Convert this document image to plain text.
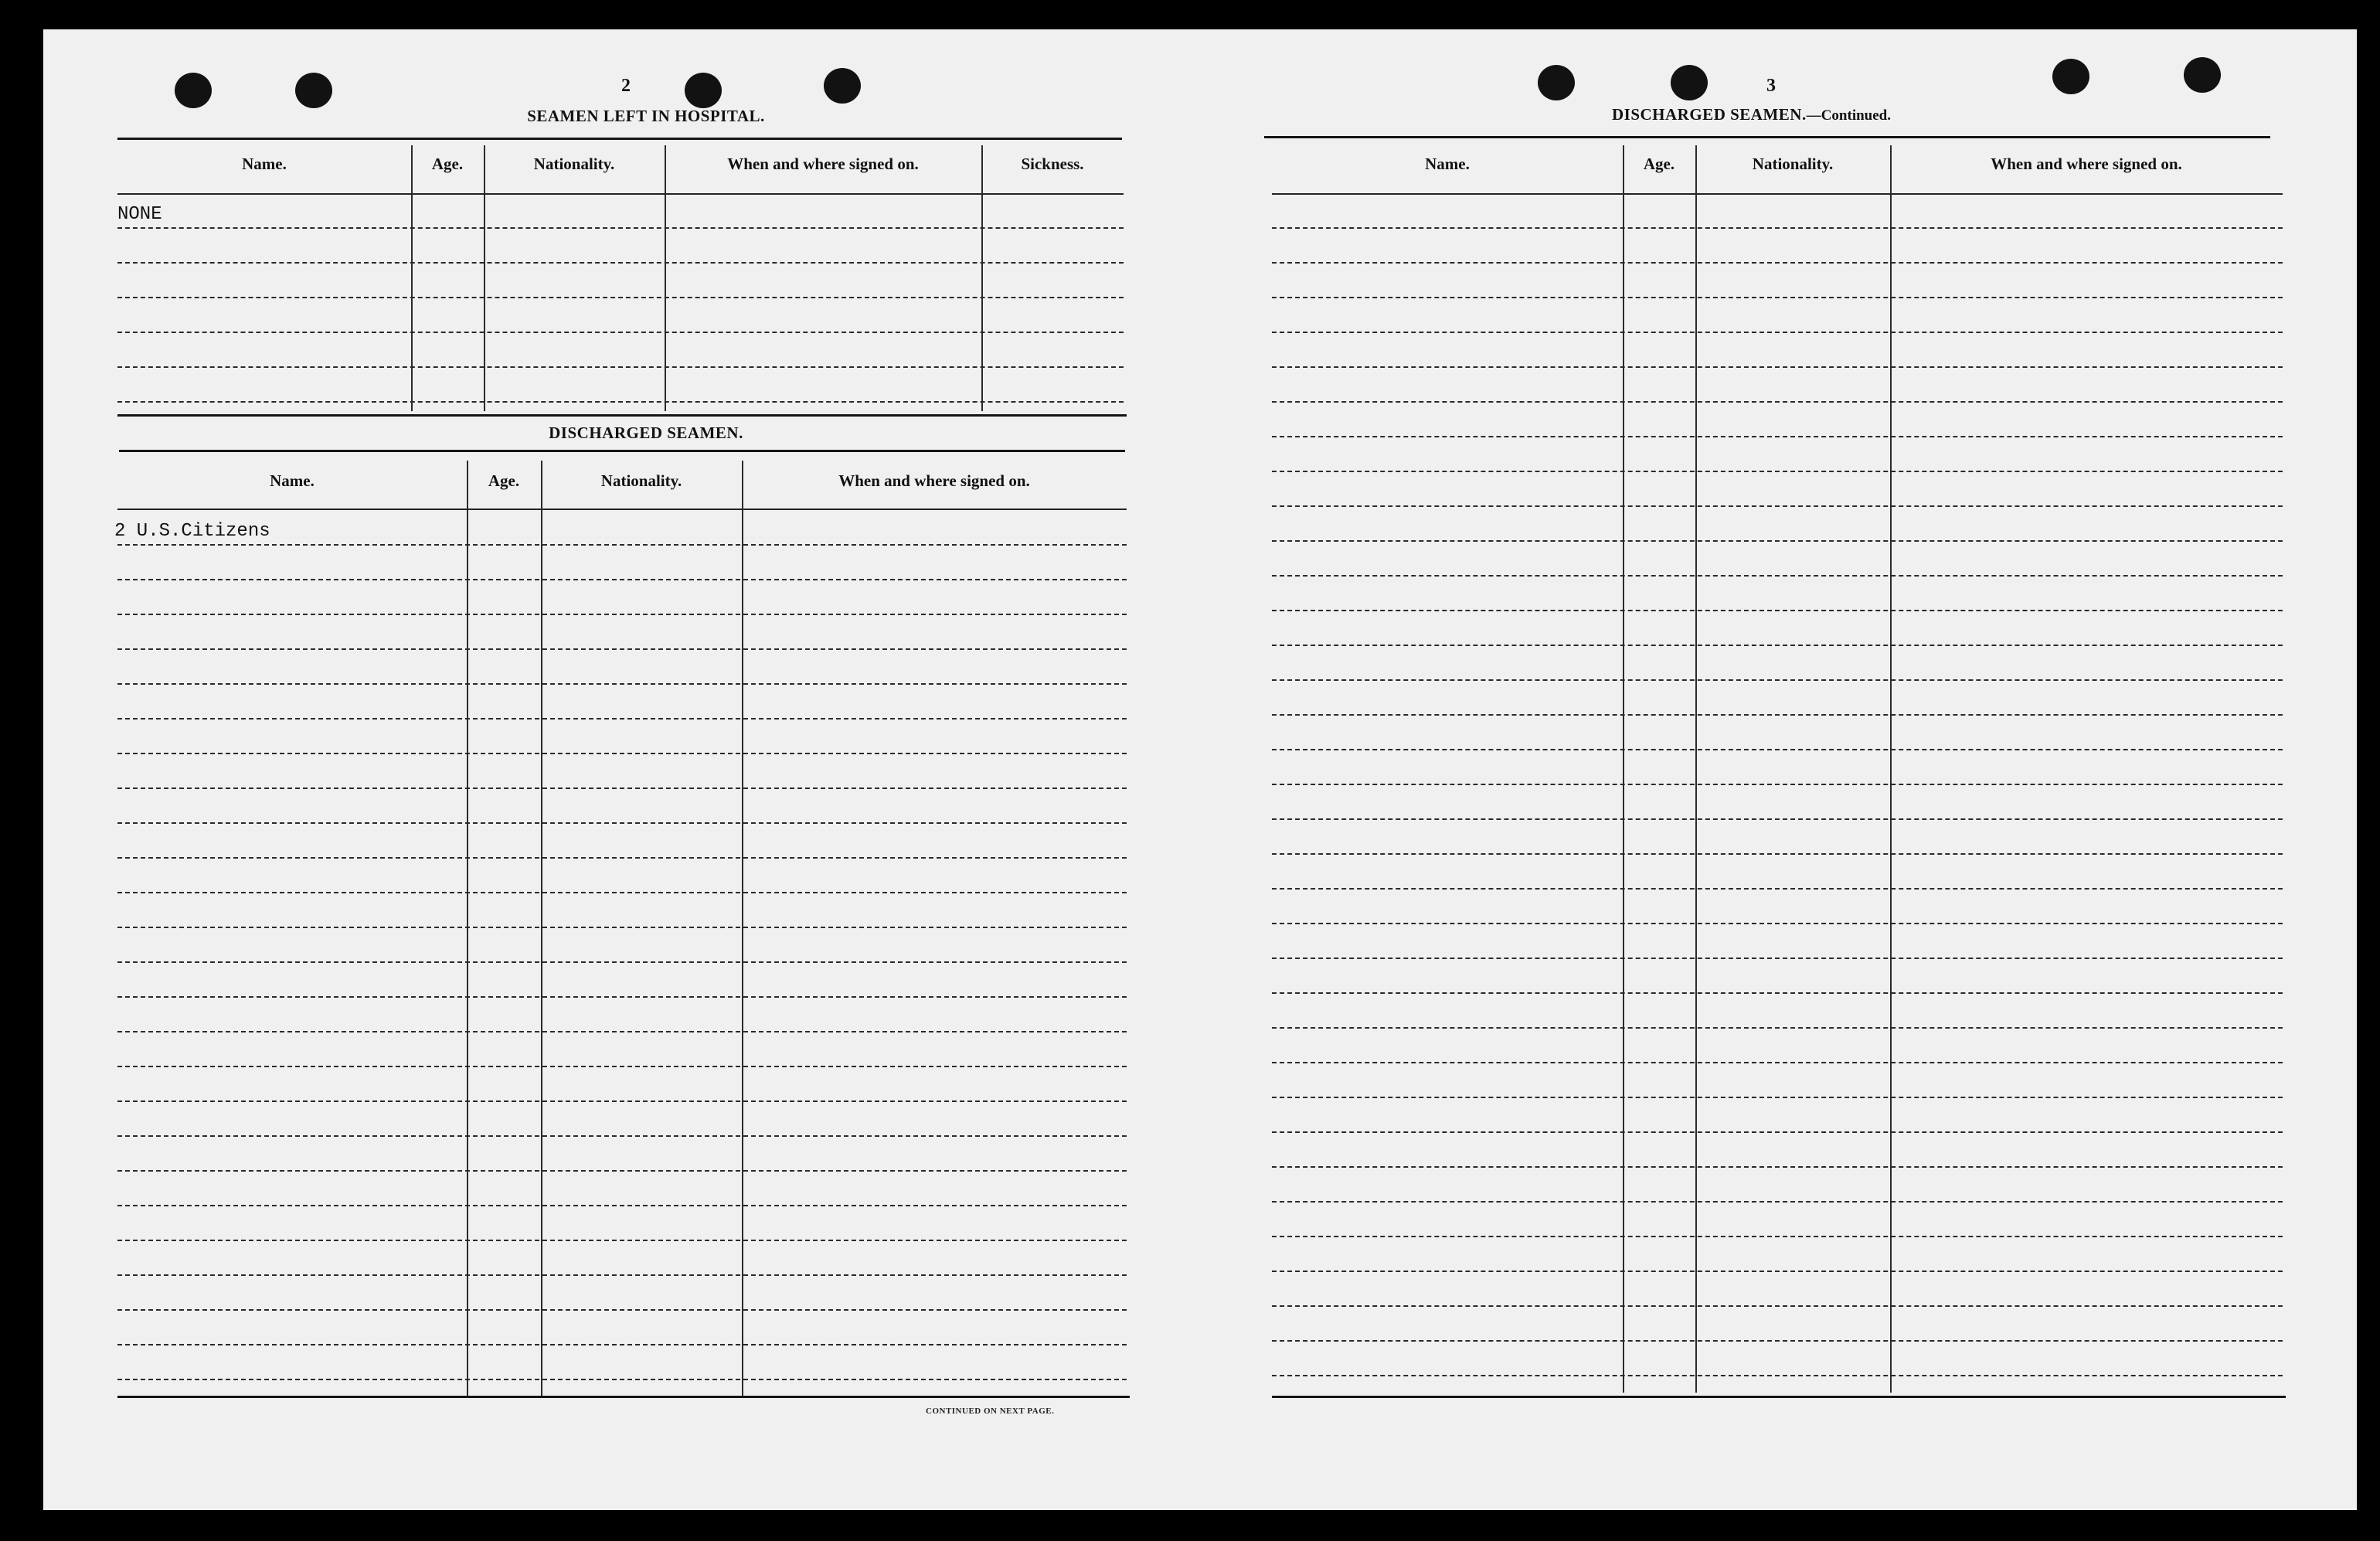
2
SEAMEN LEFT IN HOSPITAL.
Name.	Age.	Nationality.	When and where signed on.	Sickness.
NONE
DISCHARGED SEAMEN.
Name.	Age.	Nationality.	When and where signed on.
2 U.S.Citizens
CONTINUED ON NEXT PAGE.
3
DISCHARGED SEAMEN.—Continued.
Name.	Age.	Nationality.	When and where signed on.
